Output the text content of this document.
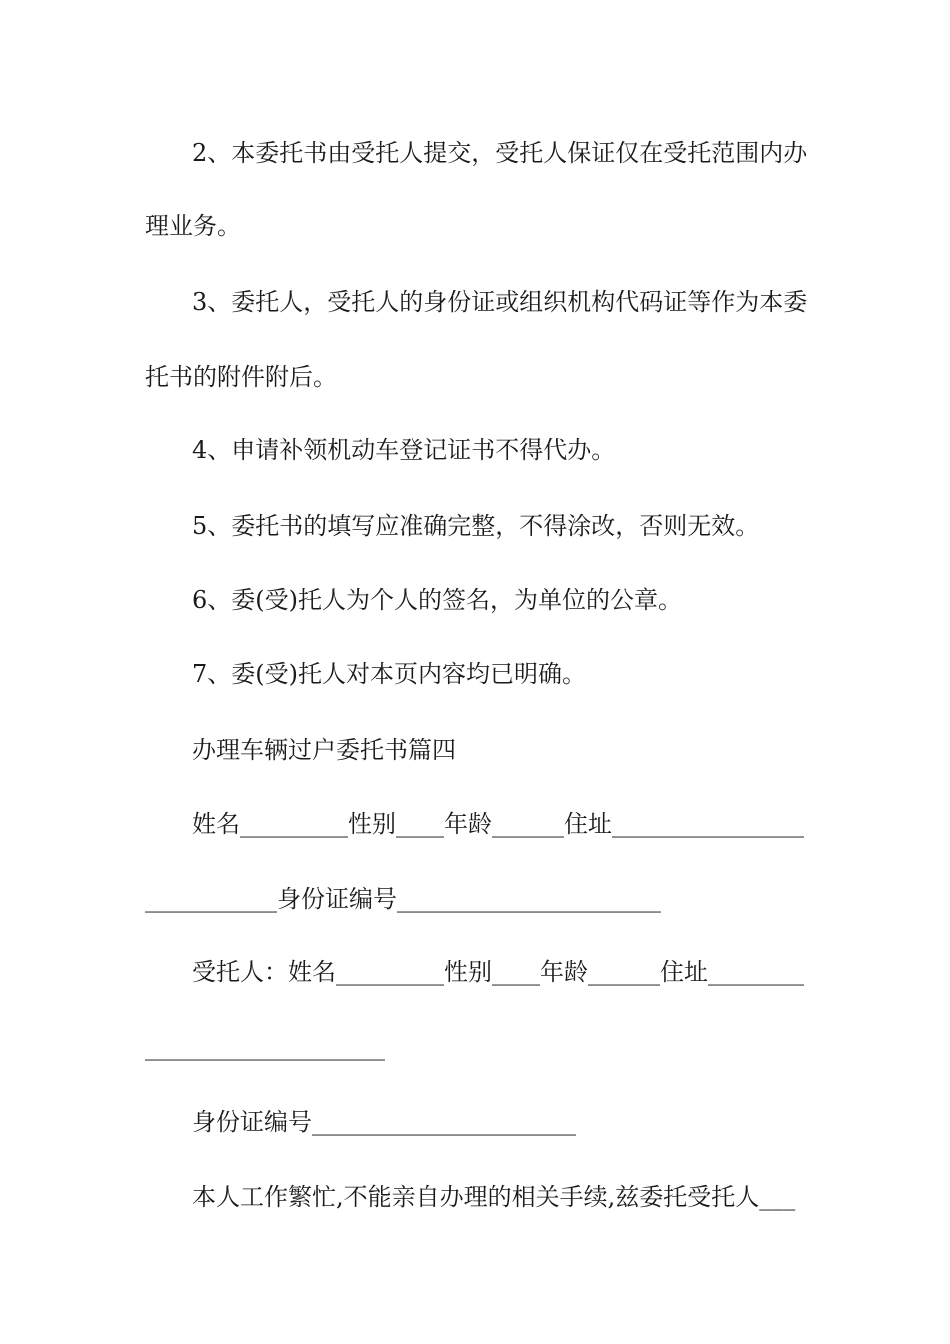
2、本委托书由受托人提交，受托人保证仅在受托范围内办
理业务。
3、委托人，受托人的身份证或组织机构代码证等作为本委
托书的附件附后。
4、申请补领机动车登记证书不得代办。
5、委托书的填写应准确完整，不得涂改，否则无效。
6、委(受)托人为个人的签名，为单位的公章。
7、委(受)托人对本页内容均已明确。
办理车辆过户委托书篇四
姓名_________性别____年龄______住址________________
___________身份证编号______________________
受托人：姓名_________性别____年龄______住址________
____________________
身份证编号______________________
本人工作繁忙,不能亲自办理的相关手续,兹委托受托人___
